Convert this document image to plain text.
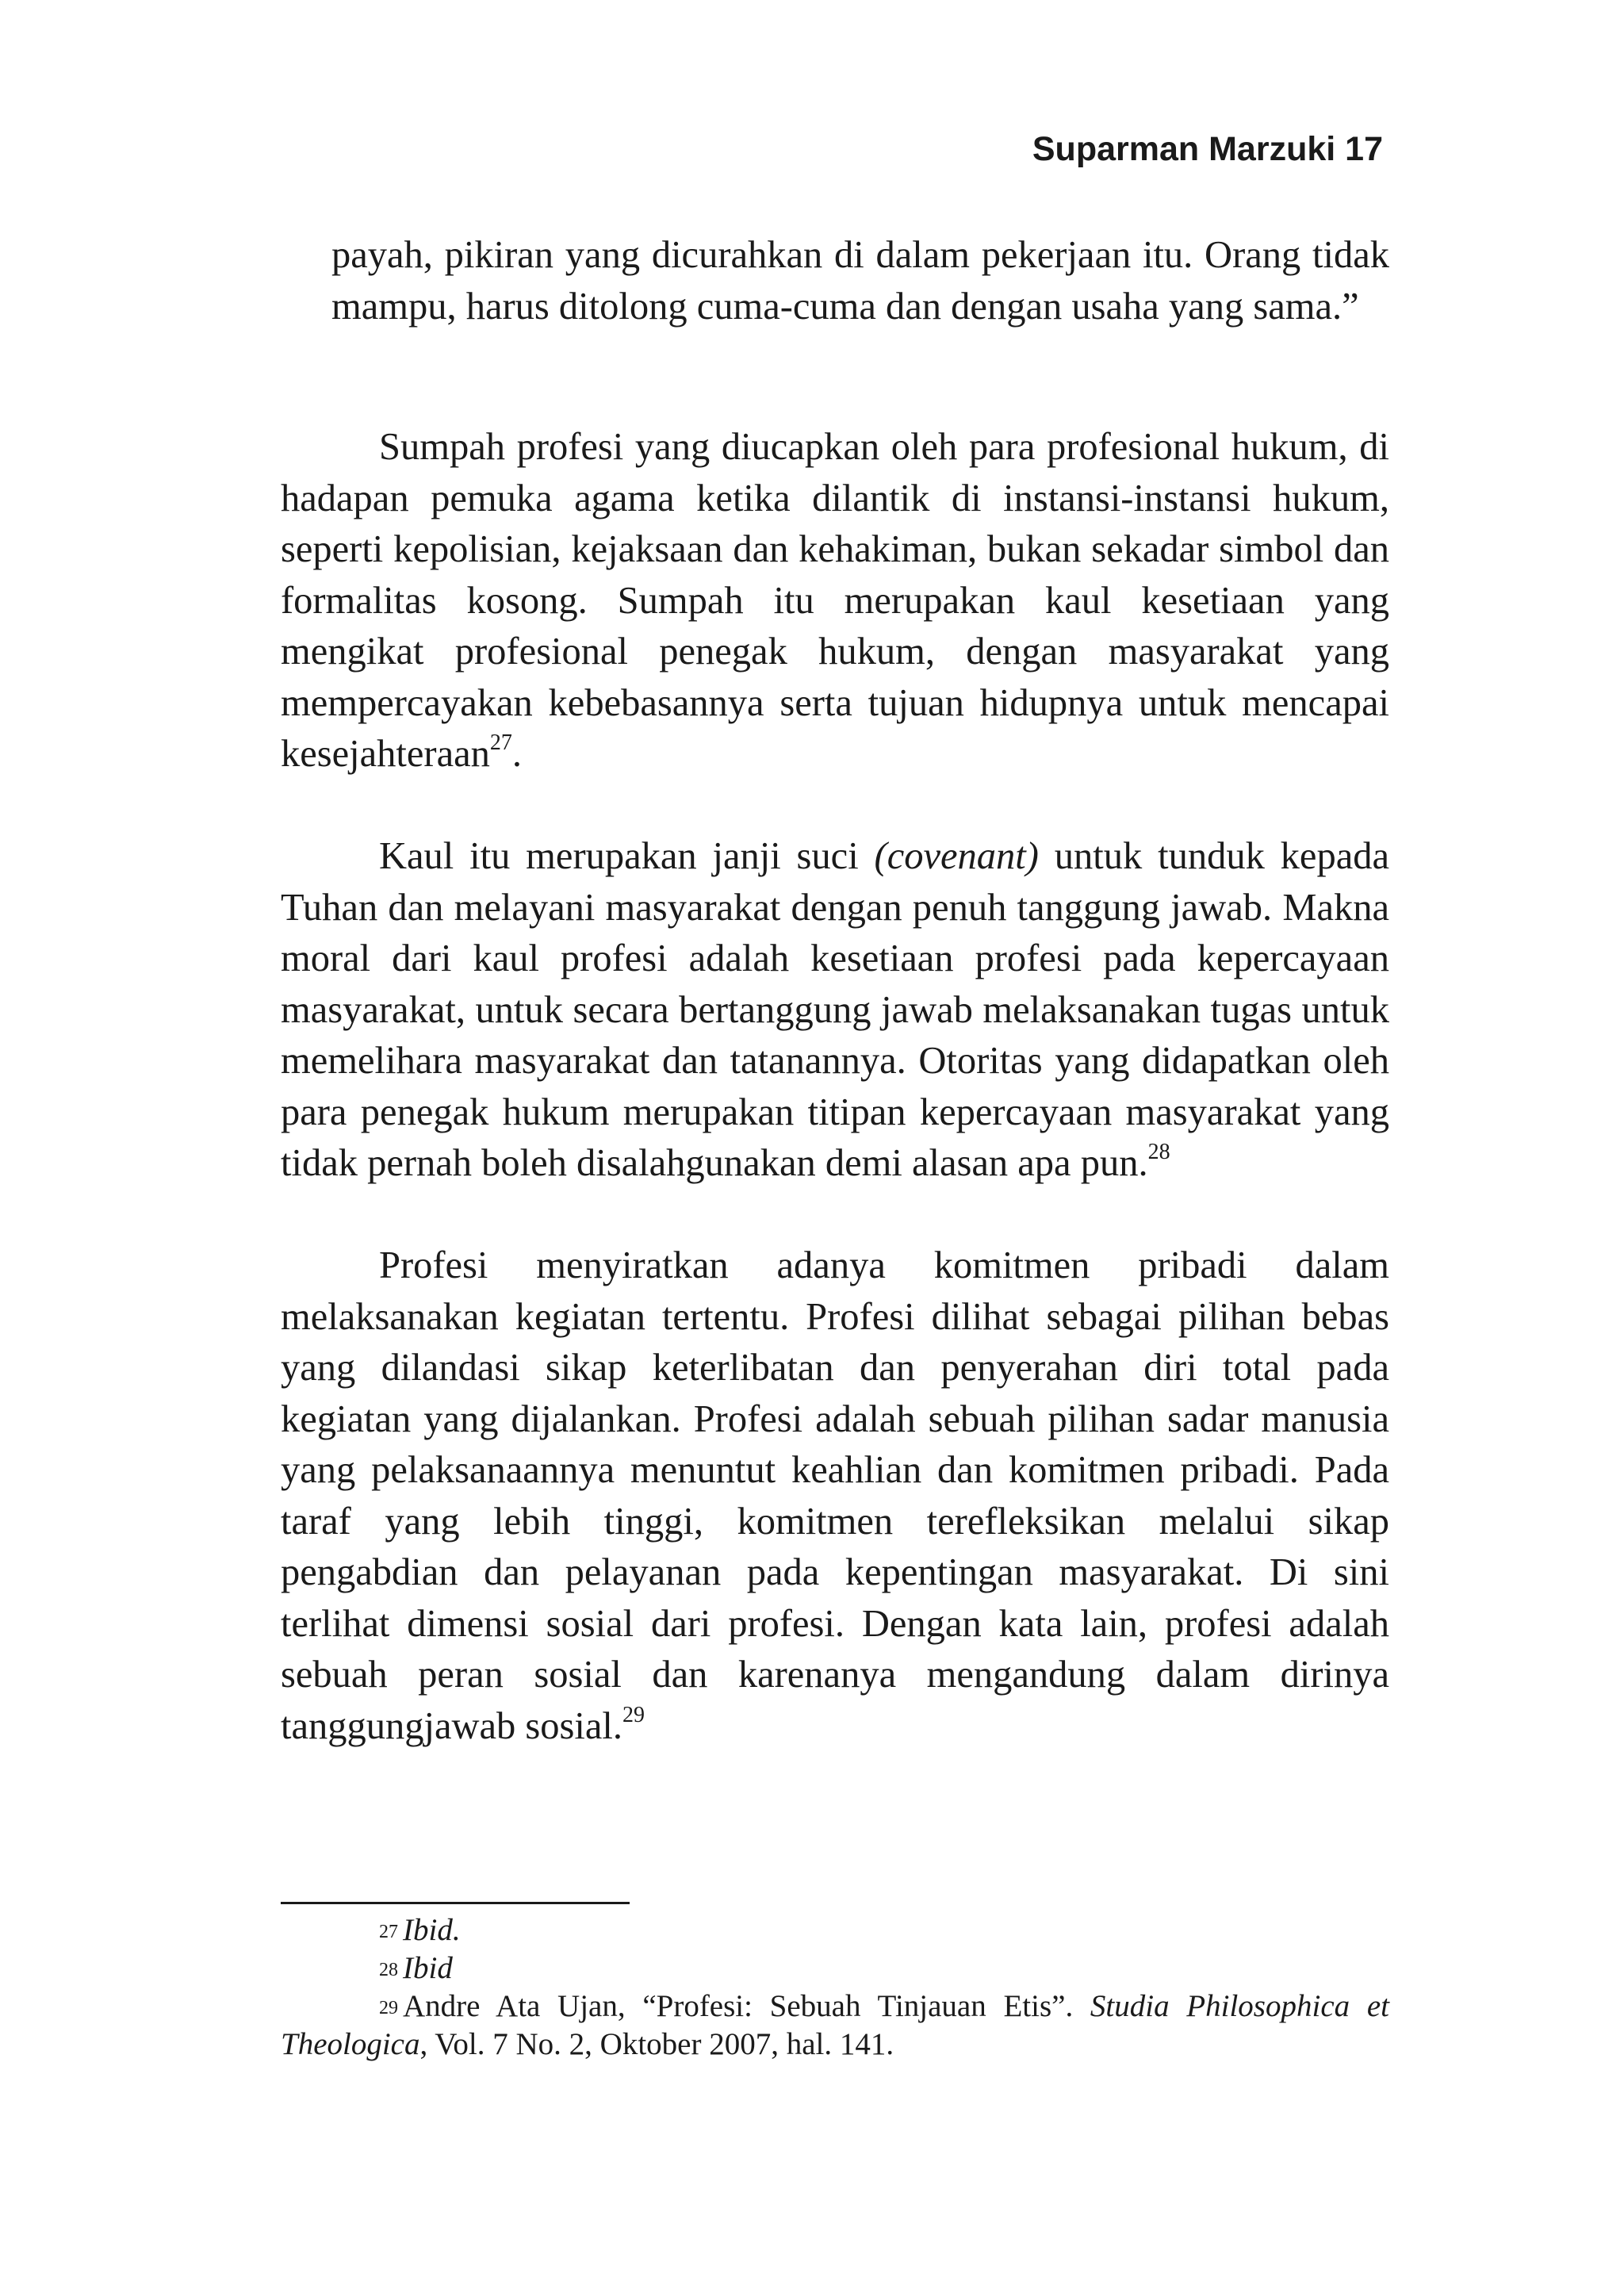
Suparman Marzuki 17

payah, pikiran yang dicurahkan di dalam pekerjaan itu. Orang tidak mampu, harus ditolong cuma-cuma dan dengan usaha yang sama.”

Sumpah profesi yang diucapkan oleh para profesional hukum, di hadapan pemuka agama ketika dilantik di instansi-instansi hukum, seperti kepolisian, kejaksaan dan kehakiman, bukan sekadar simbol dan formalitas kosong. Sumpah itu merupakan kaul kesetiaan yang mengikat profesional penegak hukum, dengan masyarakat yang mempercayakan kebebasannya serta tujuan hidupnya untuk mencapai kesejahteraan$^{27}$.

Kaul itu merupakan janji suci (covenant) untuk tunduk kepada Tuhan dan melayani masyarakat dengan penuh tanggung jawab. Makna moral dari kaul profesi adalah kesetiaan profesi pada kepercayaan masyarakat, untuk secara bertanggung jawab melaksanakan tugas untuk memelihara masyarakat dan tatanannya. Otoritas yang didapatkan oleh para penegak hukum merupakan titipan kepercayaan masyarakat yang tidak pernah boleh disalahgunakan demi alasan apa pun.$^{28}$

Profesi menyiratkan adanya komitmen pribadi dalam melaksanakan kegiatan tertentu. Profesi dilihat sebagai pilihan bebas yang dilandasi sikap keterlibatan dan penyerahan diri total pada kegiatan yang dijalankan. Profesi adalah sebuah pilihan sadar manusia yang pelaksanaannya menuntut keahlian dan komitmen pribadi. Pada taraf yang lebih tinggi, komitmen terefleksikan melalui sikap pengabdian dan pelayanan pada kepentingan masyarakat. Di sini terlihat dimensi sosial dari profesi. Dengan kata lain, profesi adalah sebuah peran sosial dan karenanya mengandung dalam dirinya tanggungjawab sosial.$^{29}$

$^{27}$ Ibid.

$^{28}$ Ibid

$^{29}$ Andre Ata Ujan, “Profesi: Sebuah Tinjauan Etis”. Studia Philosophica et Theologica, Vol. 7 No. 2, Oktober 2007, hal. 141.
